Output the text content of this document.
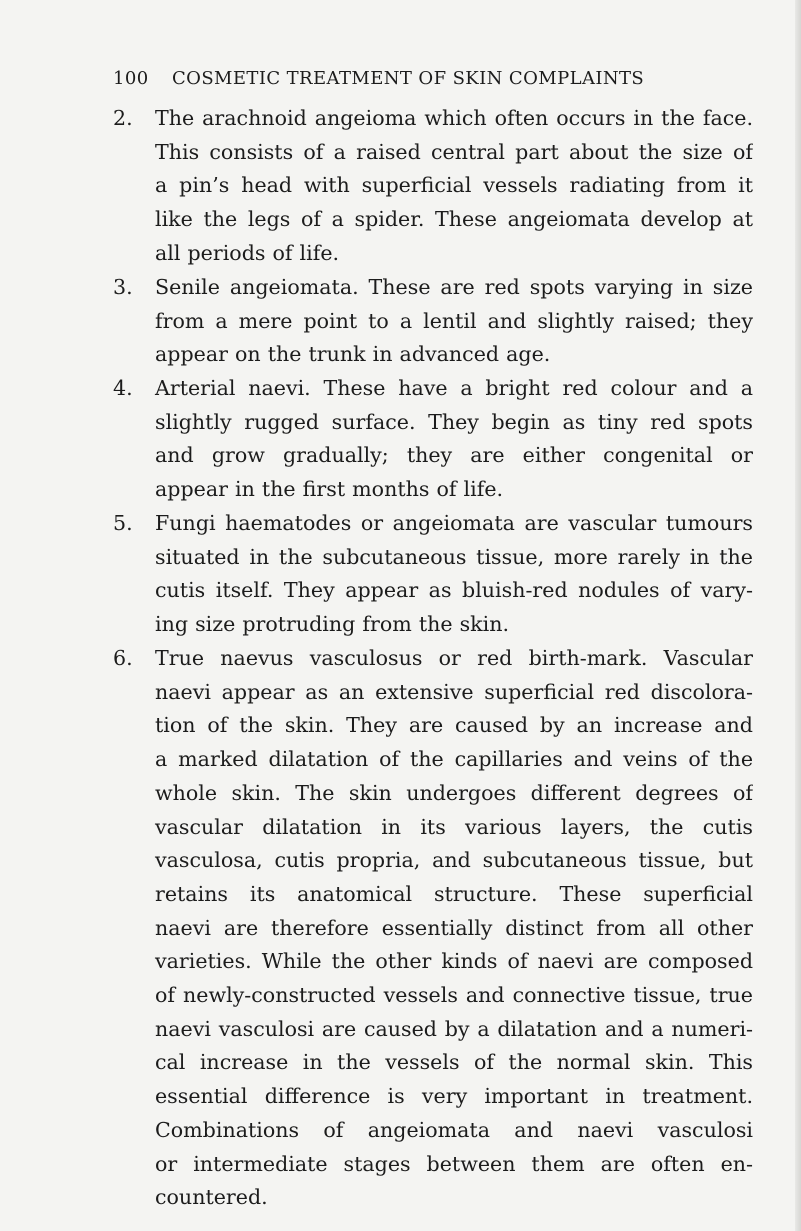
100 COSMETIC TREATMENT OF SKIN COMPLAINTS
2.	The arachnoid angeioma which often occurs in the face.
This consists of a raised central part about the size of
a pin’s head with superficial vessels radiating from it
like the legs of a spider. These angeiomata develop at
all periods of life.
3.	Senile angeiomata. These are red spots varying in size
from a mere point to a lentil and slightly raised; they
appear on the trunk in advanced age.
4.	Arterial naevi. These have a bright red colour and a
slightly rugged surface. They begin as tiny red spots
and grow gradually; they are either congenital or
appear in the first months of life.
5.	Fungi haematodes or angeiomata are vascular tumours
situated in the subcutaneous tissue, more rarely in the
cutis itself. They appear as bluish-red nodules of vary-
ing size protruding from the skin.
6.	True naevus vasculosus or red birth-mark. Vascular
naevi appear as an extensive superficial red discolora-
tion of the skin. They are caused by an increase and
a marked dilatation of the capillaries and veins of the
whole skin. The skin undergoes different degrees of
vascular dilatation in its various layers, the cutis
vasculosa, cutis propria, and subcutaneous tissue, but
retains its anatomical structure. These superficial
naevi are therefore essentially distinct from all other
varieties. While the other kinds of naevi are composed
of newly-constructed vessels and connective tissue, true
naevi vasculosi are caused by a dilatation and a numeri-
cal increase in the vessels of the normal skin. This
essential difference is very important in treatment.
Combinations of angeiomata and naevi vasculosi
or intermediate stages between them are often en-
countered.
